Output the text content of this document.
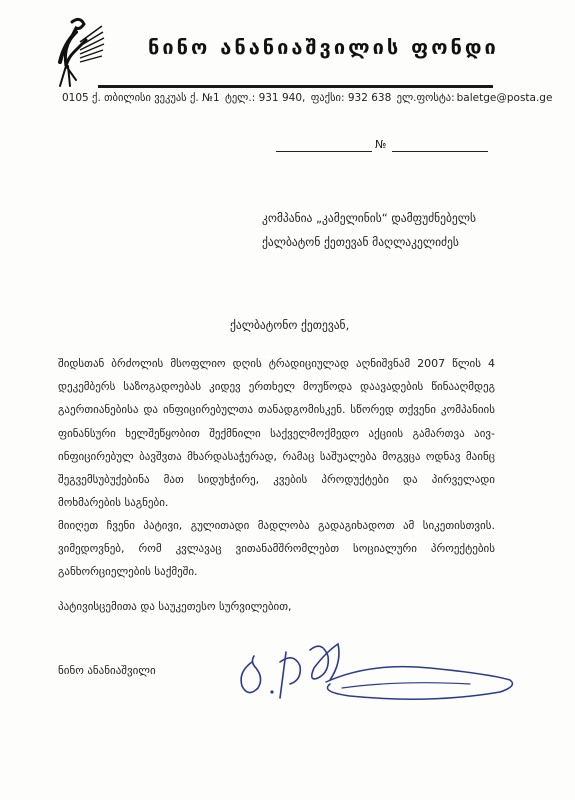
ნინო ანანიაშვილის ფონდი
0105 ქ. თბილისი ვეკუას ქ. №1 ტელ.: 931 940, ფაქსი: 932 638 ელ.ფოსტა: baletge@posta.ge
№
კომპანია „კამელინის“ დამფუძნებელს
ქალბატონ ქეთევან მაღლაკელიძეს
ქალბატონო ქეთევან,
შიდსთან ბრძოლის მსოფლიო დღის ტრადიციულად აღნიშვნამ 2007 წლის 4 დეკემბერს საზოგადოებას კიდევ ერთხელ მოუწოდა დაავადების წინააღმდეგ გაერთიანებისა და ინფიცირებულთა თანადგომისკენ. სწორედ თქვენი კომპანიის ფინანსური ხელშეწყობით შექმნილი საქველმოქმედო აქციის გამართვა აივ-ინფიცირებულ ბავშვთა მხარდასაჭერად, რამაც საშუალება მოგვცა ოდნავ მაინც შეგვემსუბუქებინა მათ სიდუხჭირე, კვების პროდუქტები და პირველადი მოხმარების საგნები.
მიიღეთ ჩვენი პატივი, გულითადი მადლობა გადაგიხადოთ ამ სიკეთისთვის. ვიმედოვნებ, რომ კვლავაც ვითანამშრომლებთ სოციალური პროექტების განხორციელების საქმეში.
პატივისცემითა და საუკეთესო სურვილებით,
ნინო ანანიაშვილი
